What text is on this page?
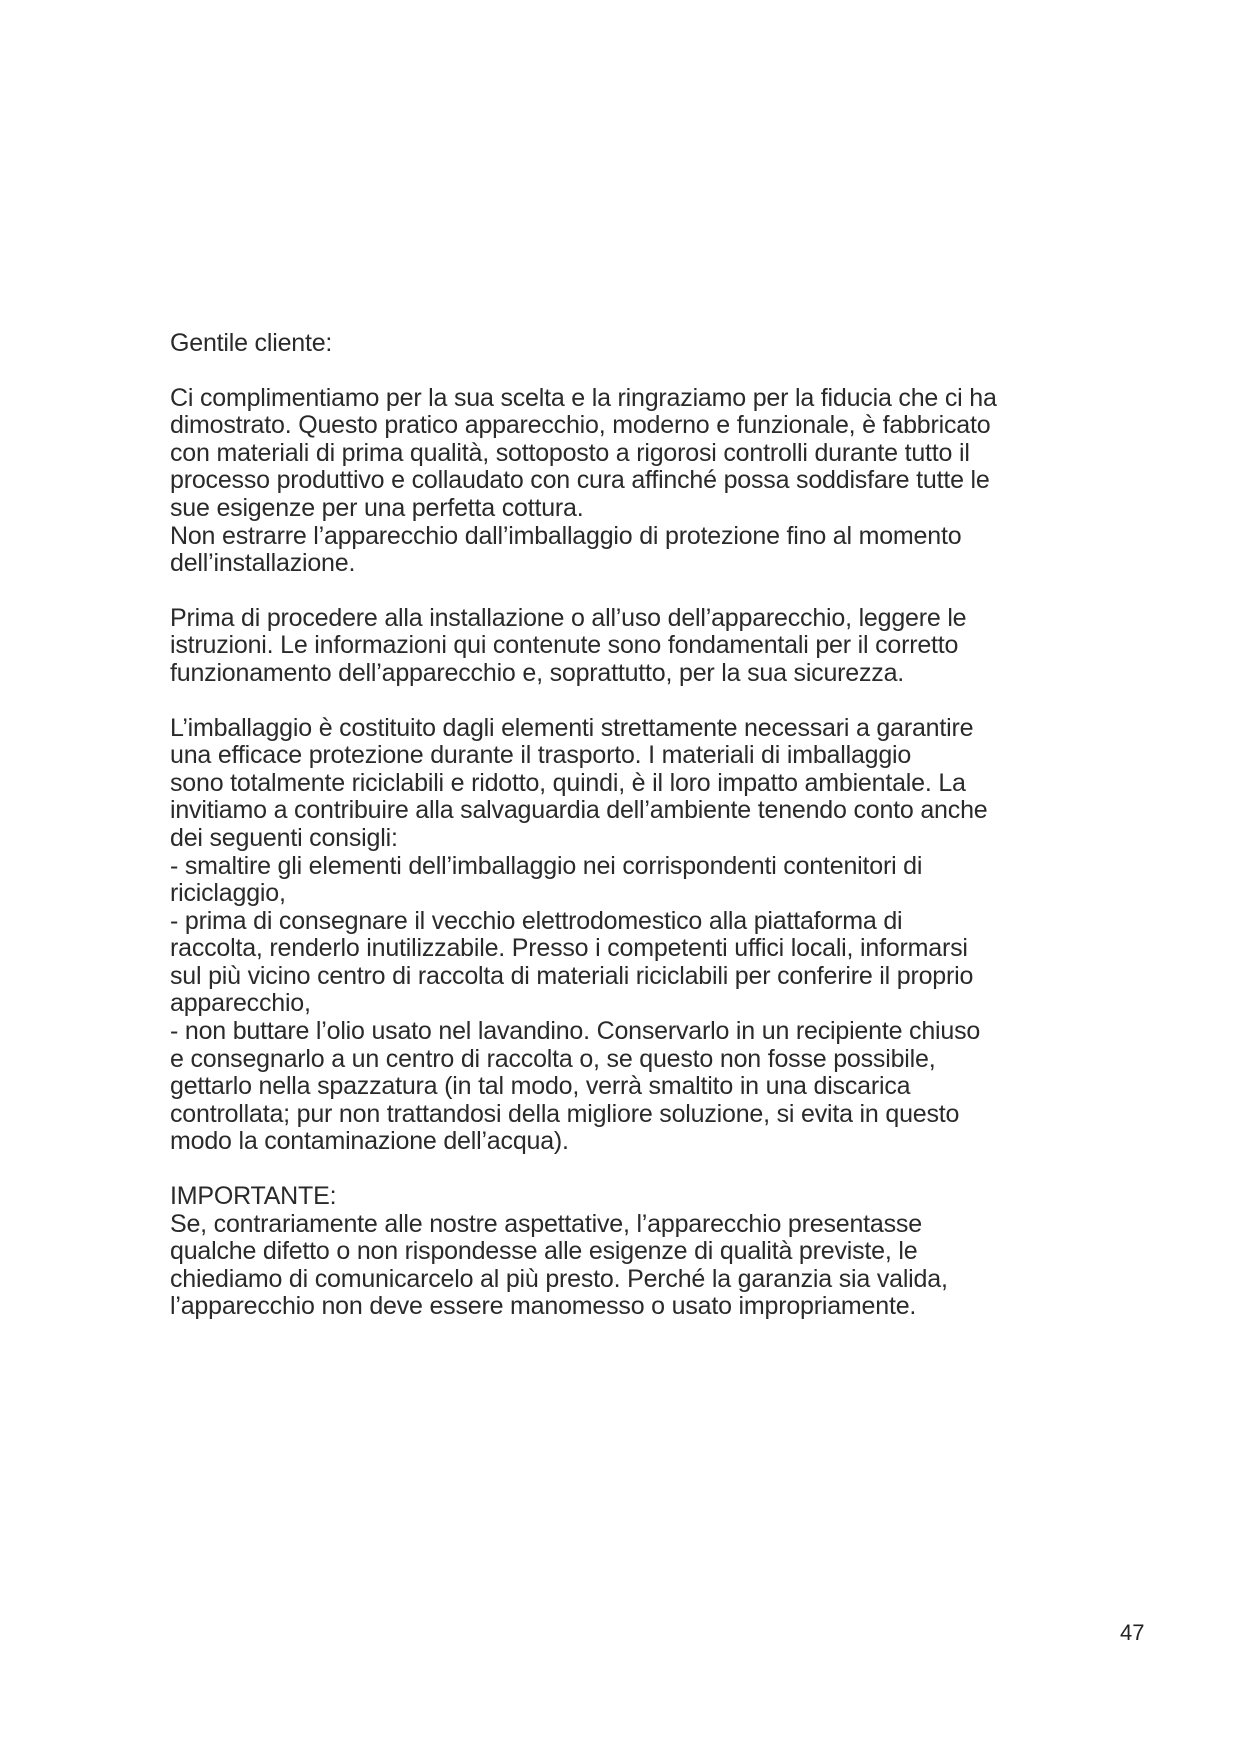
Gentile cliente:

Ci complimentiamo per la sua scelta e la ringraziamo per la fiducia che ci ha
dimostrato. Questo pratico apparecchio, moderno e funzionale, è fabbricato
con materiali di prima qualità, sottoposto a rigorosi controlli durante tutto il
processo produttivo e collaudato con cura affinché possa soddisfare tutte le
sue esigenze per una perfetta cottura.
Non estrarre l’apparecchio dall’imballaggio di protezione fino al momento
dell’installazione.

Prima di procedere alla installazione o all’uso dell’apparecchio, leggere le
istruzioni. Le informazioni qui contenute sono fondamentali per il corretto
funzionamento dell’apparecchio e, soprattutto, per la sua sicurezza.

L’imballaggio è costituito dagli elementi strettamente necessari a garantire
una efficace protezione durante il trasporto. I materiali di imballaggio
sono totalmente riciclabili e ridotto, quindi, è il loro impatto ambientale. La
invitiamo a contribuire alla salvaguardia dell’ambiente tenendo conto anche
dei seguenti consigli:
- smaltire gli elementi dell’imballaggio nei corrispondenti contenitori di
riciclaggio,
- prima di consegnare il vecchio elettrodomestico alla piattaforma di
raccolta, renderlo inutilizzabile. Presso i competenti uffici locali, informarsi
sul più vicino centro di raccolta di materiali riciclabili per conferire il proprio
apparecchio,
- non buttare l’olio usato nel lavandino. Conservarlo in un recipiente chiuso
e consegnarlo a un centro di raccolta o, se questo non fosse possibile,
gettarlo nella spazzatura (in tal modo, verrà smaltito in una discarica
controllata; pur non trattandosi della migliore soluzione, si evita in questo
modo la contaminazione dell’acqua).

IMPORTANTE:
Se, contrariamente alle nostre aspettative, l’apparecchio presentasse
qualche difetto o non rispondesse alle esigenze di qualità previste, le
chiediamo di comunicarcelo al più presto. Perché la garanzia sia valida,
l’apparecchio non deve essere manomesso o usato impropriamente.

47
